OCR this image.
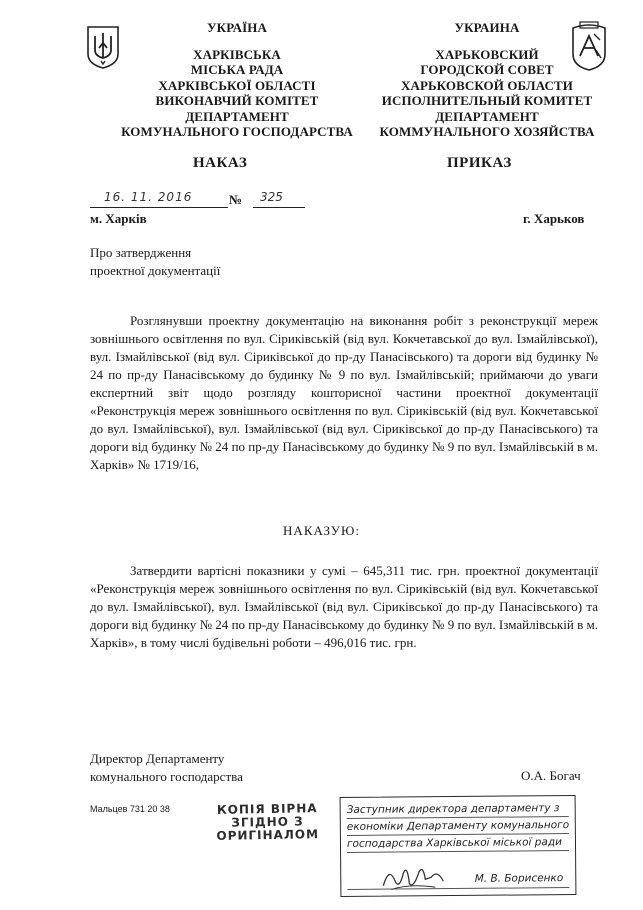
УКРАЇНА
ХАРКІВСЬКА
МІСЬКА РАДА
ХАРКІВСЬКОЇ ОБЛАСТІ
ВИКОНАВЧИЙ КОМІТЕТ
ДЕПАРТАМЕНТ
КОМУНАЛЬНОГО ГОСПОДАРСТВА
УКРАИНА
ХАРЬКОВСКИЙ
ГОРОДСКОЙ СОВЕТ
ХАРЬКОВСКОЙ ОБЛАСТИ
ИСПОЛНИТЕЛЬНЫЙ КОМИТЕТ
ДЕПАРТАМЕНТ
КОММУНАЛЬНОГО ХОЗЯЙСТВА
НАКАЗ	ПРИКАЗ
16. 11. 2016	№ 325
м. Харків	г. Харьков
Про затвердження
проектної документації

Розглянувши проектну документацію на виконання робіт з реконструкції мереж зовнішнього освітлення по вул. Сіриківській (від вул. Кокчетавської до вул. Ізмайлівської), вул. Ізмайлівської (від вул. Сіриківської до пр-ду Панасівського) та дороги від будинку № 24 по пр-ду Панасівському до будинку № 9 по вул. Ізмайлівській; приймаючи до уваги експертний звіт щодо розгляду кошторисної частини проектної документації «Реконструкція мереж зовнішнього освітлення по вул. Сіриківській (від вул. Кокчетавської до вул. Ізмайлівської), вул. Ізмайлівської (від вул. Сіриківської до пр-ду Панасівського) та дороги від будинку № 24 по пр-ду Панасівському до будинку № 9 по вул. Ізмайлівській в м. Харків» № 1719/16,

НАКАЗУЮ:

Затвердити вартісні показники у сумі – 645,311 тис. грн. проектної документації «Реконструкція мереж зовнішнього освітлення по вул. Сіриківській (від вул. Кокчетавської до вул. Ізмайлівської), вул. Ізмайлівської (від вул. Сіриківської до пр-ду Панасівського) та дороги від будинку № 24 по пр-ду Панасівському до будинку № 9 по вул. Ізмайлівській в м. Харків», в тому числі будівельні роботи – 496,016 тис. грн.

Директор Департаменту
комунального господарства	О.А. Богач
Мальцев 731 20 38	КОПІЯ ВІРНА
ЗГІДНО З
ОРИГІНАЛОМ
Заступник директора департаменту з
економіки Департаменту комунального
господарства Харківської міської ради
М. В. Борисенко
